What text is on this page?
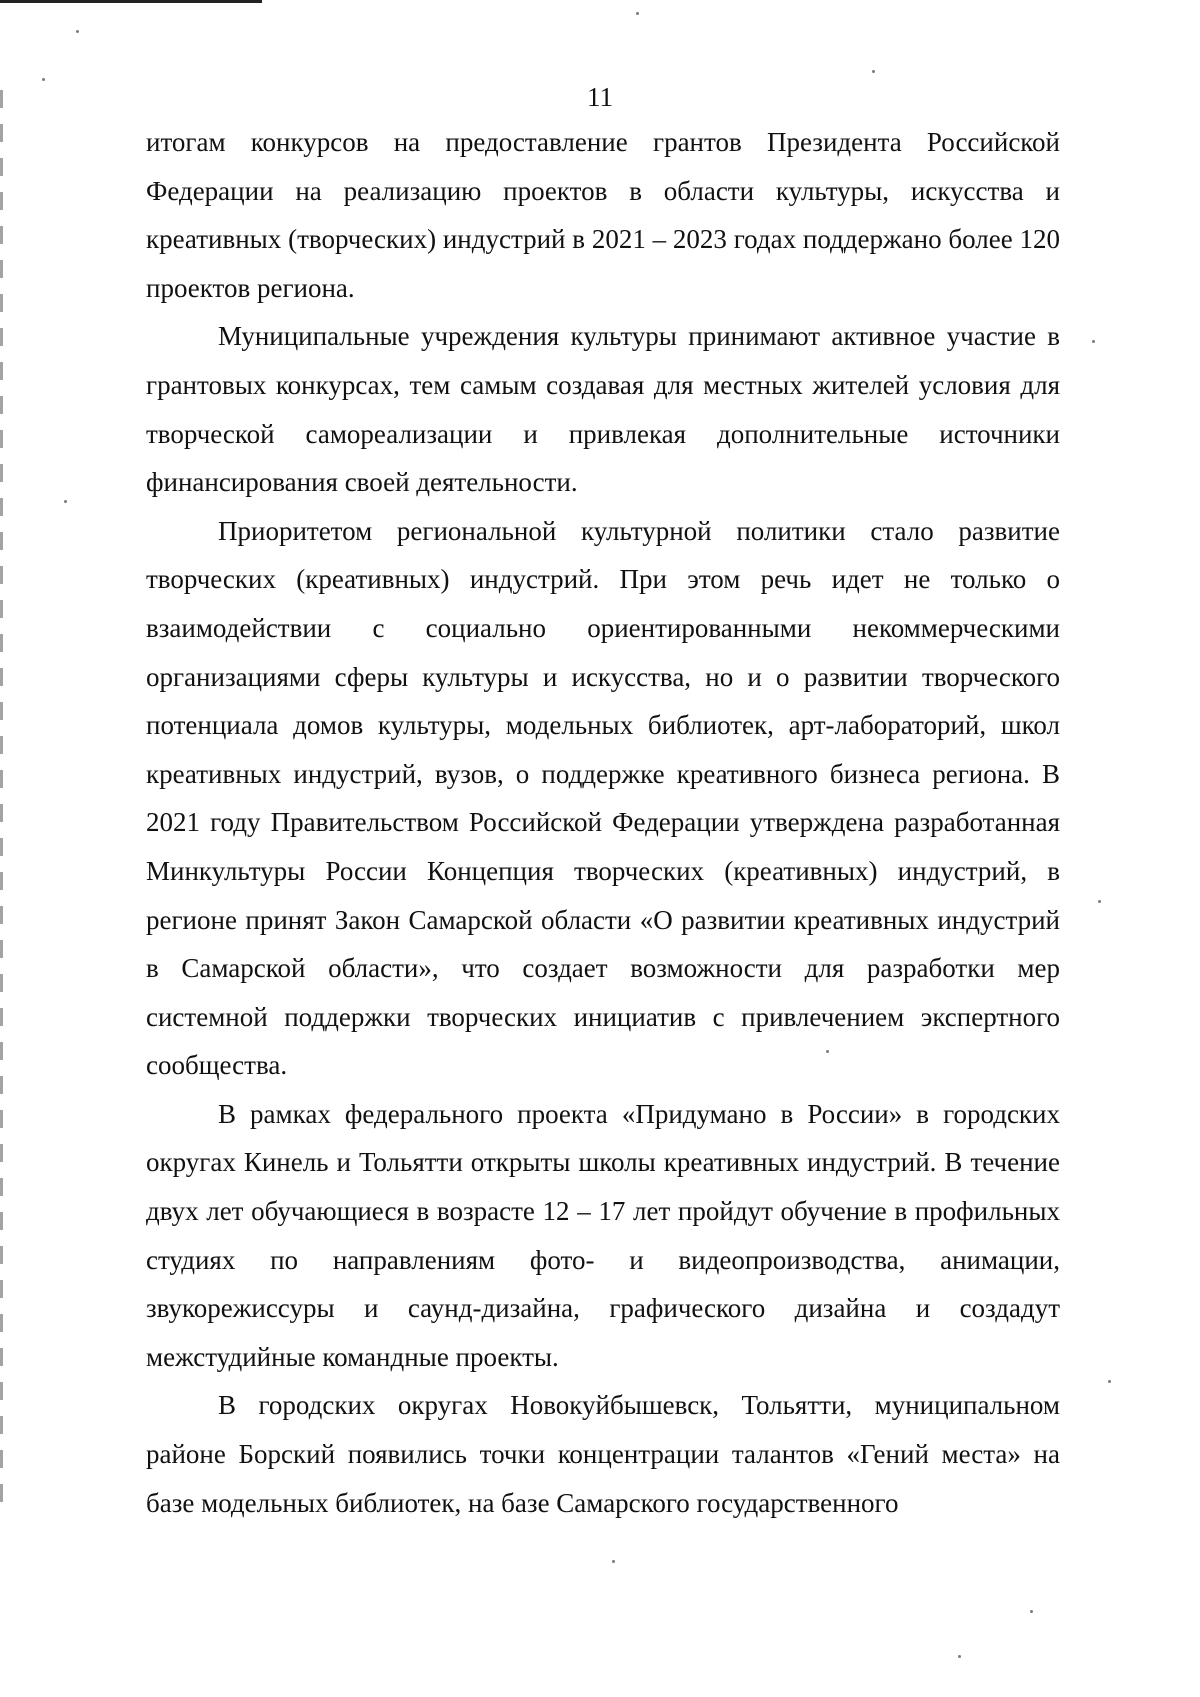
11

итогам конкурсов на предоставление грантов Президента Российской Федерации на реализацию проектов в области культуры, искусства и креативных (творческих) индустрий в 2021 – 2023 годах поддержано более 120 проектов региона.

Муниципальные учреждения культуры принимают активное участие в грантовых конкурсах, тем самым создавая для местных жителей условия для творческой самореализации и привлекая дополнительные источники финансирования своей деятельности.

Приоритетом региональной культурной политики стало развитие творческих (креативных) индустрий. При этом речь идет не только о взаимодействии с социально ориентированными некоммерческими организациями сферы культуры и искусства, но и о развитии творческого потенциала домов культуры, модельных библиотек, арт-лабораторий, школ креативных индустрий, вузов, о поддержке креативного бизнеса региона. В 2021 году Правительством Российской Федерации утверждена разработанная Минкультуры России Концепция творческих (креативных) индустрий, в регионе принят Закон Самарской области «О развитии креативных индустрий в Самарской области», что создает возможности для разработки мер системной поддержки творческих инициатив с привлечением экспертного сообщества.

В рамках федерального проекта «Придумано в России» в городских округах Кинель и Тольятти открыты школы креативных индустрий. В течение двух лет обучающиеся в возрасте 12 – 17 лет пройдут обучение в профильных студиях по направлениям фото- и видеопроизводства, анимации, звукорежиссуры и саунд-дизайна, графического дизайна и создадут межстудийные командные проекты.

В городских округах Новокуйбышевск, Тольятти, муниципальном районе Борский появились точки концентрации талантов «Гений места» на базе модельных библиотек, на базе Самарского государственного
